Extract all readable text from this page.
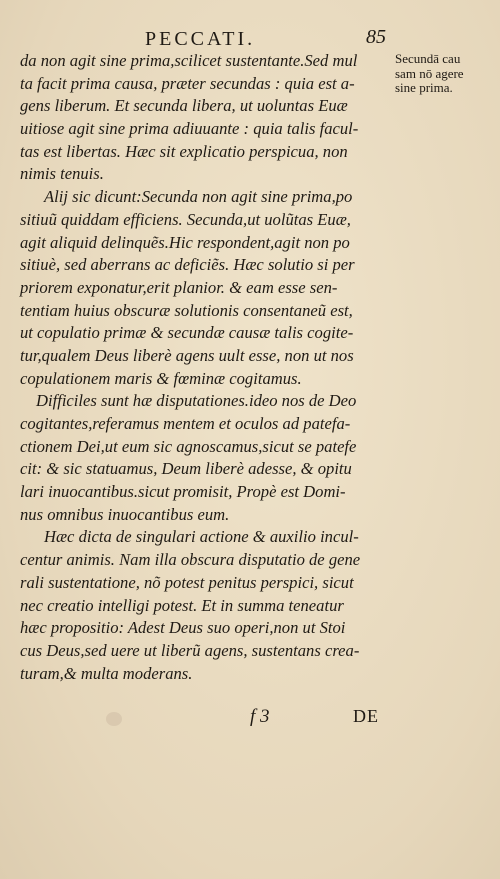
PECCATI.	85
da non agit sine prima,scilicet sustentante.Sed mul
ta facit prima causa, præter secundas : quia est a-
gens liberum. Et secunda libera, ut uoluntas Euæ
uitiose agit sine prima adiuuante : quia talis facul-
tas est libertas. Hæc sit explicatio perspicua, non
nimis tenuis.
Alij sic dicunt:Secunda non agit sine prima,po
sitiuũ quiddam efficiens. Secunda,ut uolũtas Euæ,
agit aliquid delinquẽs.Hic respondent,agit non po
sitiuè, sed aberrans ac deficiẽs. Hæc solutio si per
priorem exponatur,erit planior. & eam esse sen-
tentiam huius obscuræ solutionis consentaneũ est,
ut copulatio primæ & secundæ causæ talis cogite-
tur,qualem Deus liberè agens uult esse, non ut nos
copulationem maris & fœminæ cogitamus.
Difficiles sunt hæ disputationes.ideo nos de Deo
cogitantes,referamus mentem et oculos ad patefa-
ctionem Dei,ut eum sic agnoscamus,sicut se patefe
cit: & sic statuamus, Deum liberè adesse, & opitu
lari inuocantibus.sicut promisit, Propè est Domi-
nus omnibus inuocantibus eum.
Hæc dicta de singulari actione & auxilio incul-
centur animis. Nam illa obscura disputatio de gene
rali sustentatione, nõ potest penitus perspici, sicut
nec creatio intelligi potest. Et in summa teneatur
hæc propositio: Adest Deus suo operi,non ut Stoi
cus Deus,sed uere ut liberũ agens, sustentans crea-
turam,& multa moderans.
Secundā cau
sam nō agere
sine prima.
f 3	DE
